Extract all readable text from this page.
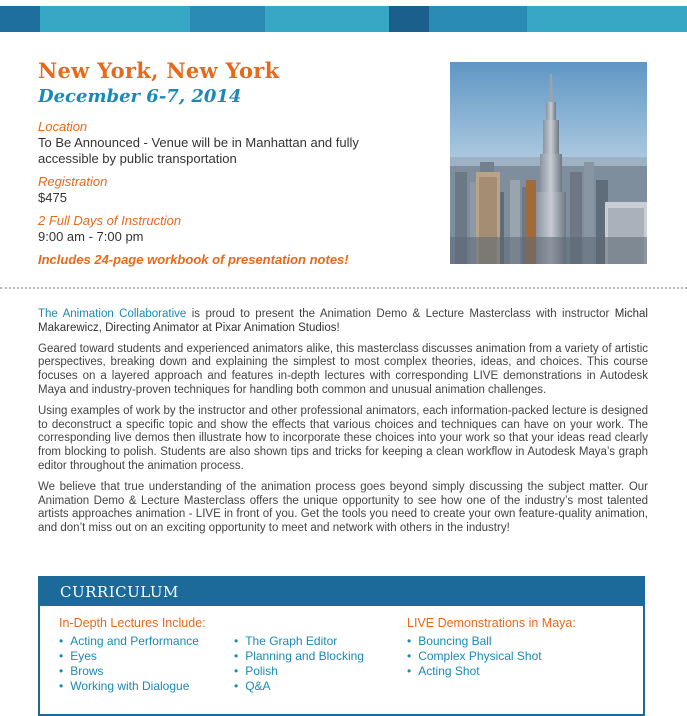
New York, New York
December 6-7, 2014
Location
To Be Announced - Venue will be in Manhattan and fully accessible by public transportation
Registration
$475
2 Full Days of Instruction
9:00 am - 7:00 pm
Includes 24-page workbook of presentation notes!

The Animation Collaborative is proud to present the Animation Demo & Lecture Masterclass with instructor Michal Makarewicz, Directing Animator at Pixar Animation Studios!

Geared toward students and experienced animators alike, this masterclass discusses animation from a variety of artistic perspectives, breaking down and explaining the simplest to most complex theories, ideas, and choices. This course focuses on a layered approach and features in-depth lectures with corresponding LIVE demonstrations in Autodesk Maya and industry-proven techniques for handling both common and unusual animation challenges.

Using examples of work by the instructor and other professional animators, each information-packed lecture is designed to deconstruct a specific topic and show the effects that various choices and techniques can have on your work. The corresponding live demos then illustrate how to incorporate these choices into your work so that your ideas read clearly from blocking to polish. Students are also shown tips and tricks for keeping a clean workflow in Autodesk Maya’s graph editor throughout the animation process.

We believe that true understanding of the animation process goes beyond simply discussing the subject matter. Our Animation Demo & Lecture Masterclass offers the unique opportunity to see how one of the industry’s most talented artists approaches animation - LIVE in front of you. Get the tools you need to create your own feature-quality animation, and don’t miss out on an exciting opportunity to meet and network with others in the industry!

CURRICULUM
In-Depth Lectures Include:
• Acting and Performance
• Eyes
• Brows
• Working with Dialogue
• The Graph Editor
• Planning and Blocking
• Polish
• Q&A
LIVE Demonstrations in Maya:
• Bouncing Ball
• Complex Physical Shot
• Acting Shot
